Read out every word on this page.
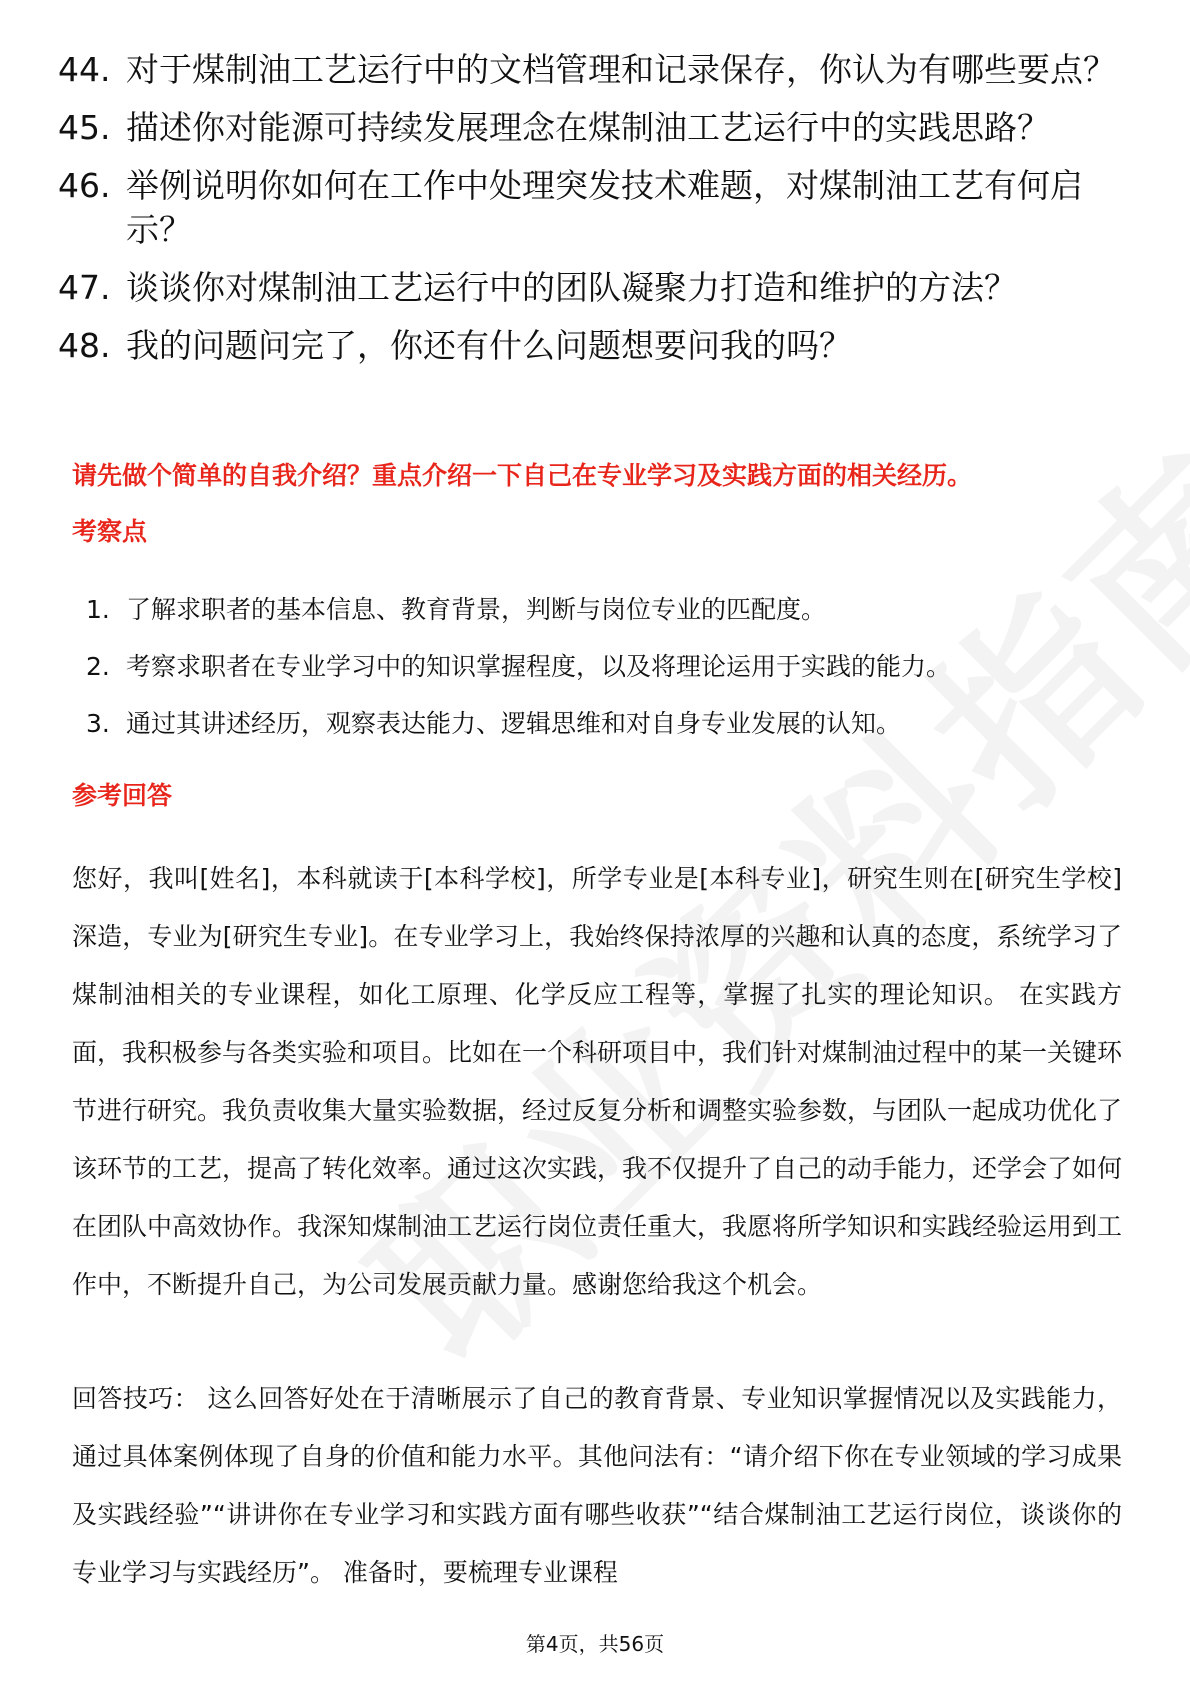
44. 对于煤制油工艺运行中的文档管理和记录保存，你认为有哪些要点？
45. 描述你对能源可持续发展理念在煤制油工艺运行中的实践思路？
46. 举例说明你如何在工作中处理突发技术难题，对煤制油工艺有何启示？
47. 谈谈你对煤制油工艺运行中的团队凝聚力打造和维护的方法？
48. 我的问题问完了，你还有什么问题想要问我的吗？
请先做个简单的自我介绍？重点介绍一下自己在专业学习及实践方面的相关经历。
考察点
1. 了解求职者的基本信息、教育背景，判断与岗位专业的匹配度。
2. 考察求职者在专业学习中的知识掌握程度，以及将理论运用于实践的能力。
3. 通过其讲述经历，观察表达能力、逻辑思维和对自身专业发展的认知。
参考回答
您好，我叫[姓名]，本科就读于[本科学校]，所学专业是[本科专业]，研究生则在[研究生学校]深造，专业为[研究生专业]。在专业学习上，我始终保持浓厚的兴趣和认真的态度，系统学习了煤制油相关的专业课程，如化工原理、化学反应工程等，掌握了扎实的理论知识。 在实践方面，我积极参与各类实验和项目。比如在一个科研项目中，我们针对煤制油过程中的某一关键环节进行研究。我负责收集大量实验数据，经过反复分析和调整实验参数，与团队一起成功优化了该环节的工艺，提高了转化效率。通过这次实践，我不仅提升了自己的动手能力，还学会了如何在团队中高效协作。我深知煤制油工艺运行岗位责任重大，我愿将所学知识和实践经验运用到工作中，不断提升自己，为公司发展贡献力量。感谢您给我这个机会。
回答技巧： 这么回答好处在于清晰展示了自己的教育背景、专业知识掌握情况以及实践能力，通过具体案例体现了自身的价值和能力水平。其他问法有：“请介绍下你在专业领域的学习成果及实践经验”“讲讲你在专业学习和实践方面有哪些收获”“结合煤制油工艺运行岗位，谈谈你的专业学习与实践经历”。 准备时，要梳理专业课程
第4页，共56页
